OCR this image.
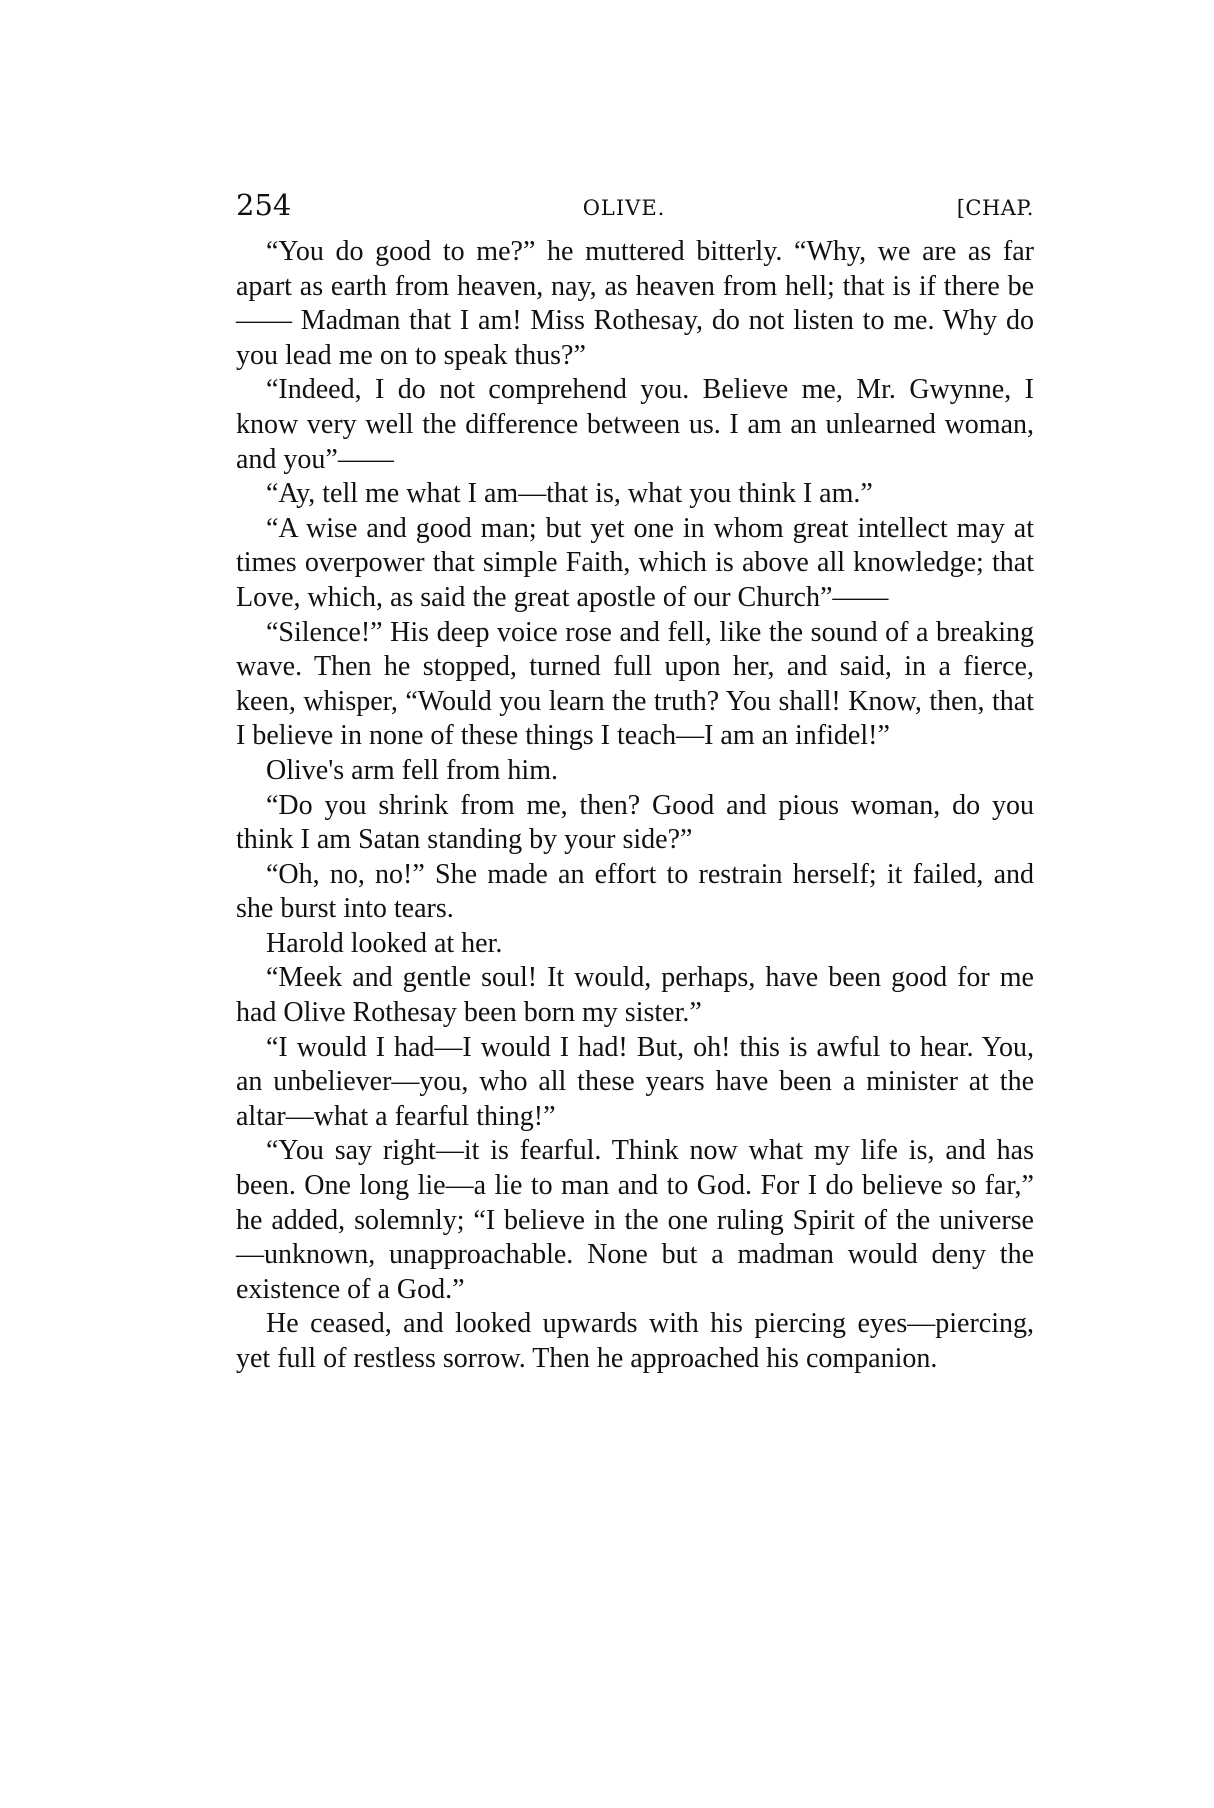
254	OLIVE.	[CHAP.

“You do good to me?” he muttered bitterly. “Why, we are as far apart as earth from heaven, nay, as heaven from hell; that is if there be —— Madman that I am! Miss Rothesay, do not listen to me. Why do you lead me on to speak thus?”

“Indeed, I do not comprehend you. Believe me, Mr. Gwynne, I know very well the difference between us. I am an unlearned woman, and you”——

“Ay, tell me what I am—that is, what you think I am.”

“A wise and good man; but yet one in whom great intellect may at times overpower that simple Faith, which is above all knowledge; that Love, which, as said the great apostle of our Church”——

“Silence!” His deep voice rose and fell, like the sound of a breaking wave. Then he stopped, turned full upon her, and said, in a fierce, keen, whisper, “Would you learn the truth? You shall! Know, then, that I believe in none of these things I teach—I am an infidel!”

Olive's arm fell from him.

“Do you shrink from me, then? Good and pious woman, do you think I am Satan standing by your side?”

“Oh, no, no!” She made an effort to restrain herself; it failed, and she burst into tears.

Harold looked at her.

“Meek and gentle soul! It would, perhaps, have been good for me had Olive Rothesay been born my sister.”

“I would I had—I would I had! But, oh! this is awful to hear. You, an unbeliever—you, who all these years have been a minister at the altar—what a fearful thing!”

“You say right—it is fearful. Think now what my life is, and has been. One long lie—a lie to man and to God. For I do believe so far,” he added, solemnly; “I believe in the one ruling Spirit of the universe—unknown, unapproachable. None but a madman would deny the existence of a God.”

He ceased, and looked upwards with his piercing eyes—piercing, yet full of restless sorrow. Then he approached his companion.
